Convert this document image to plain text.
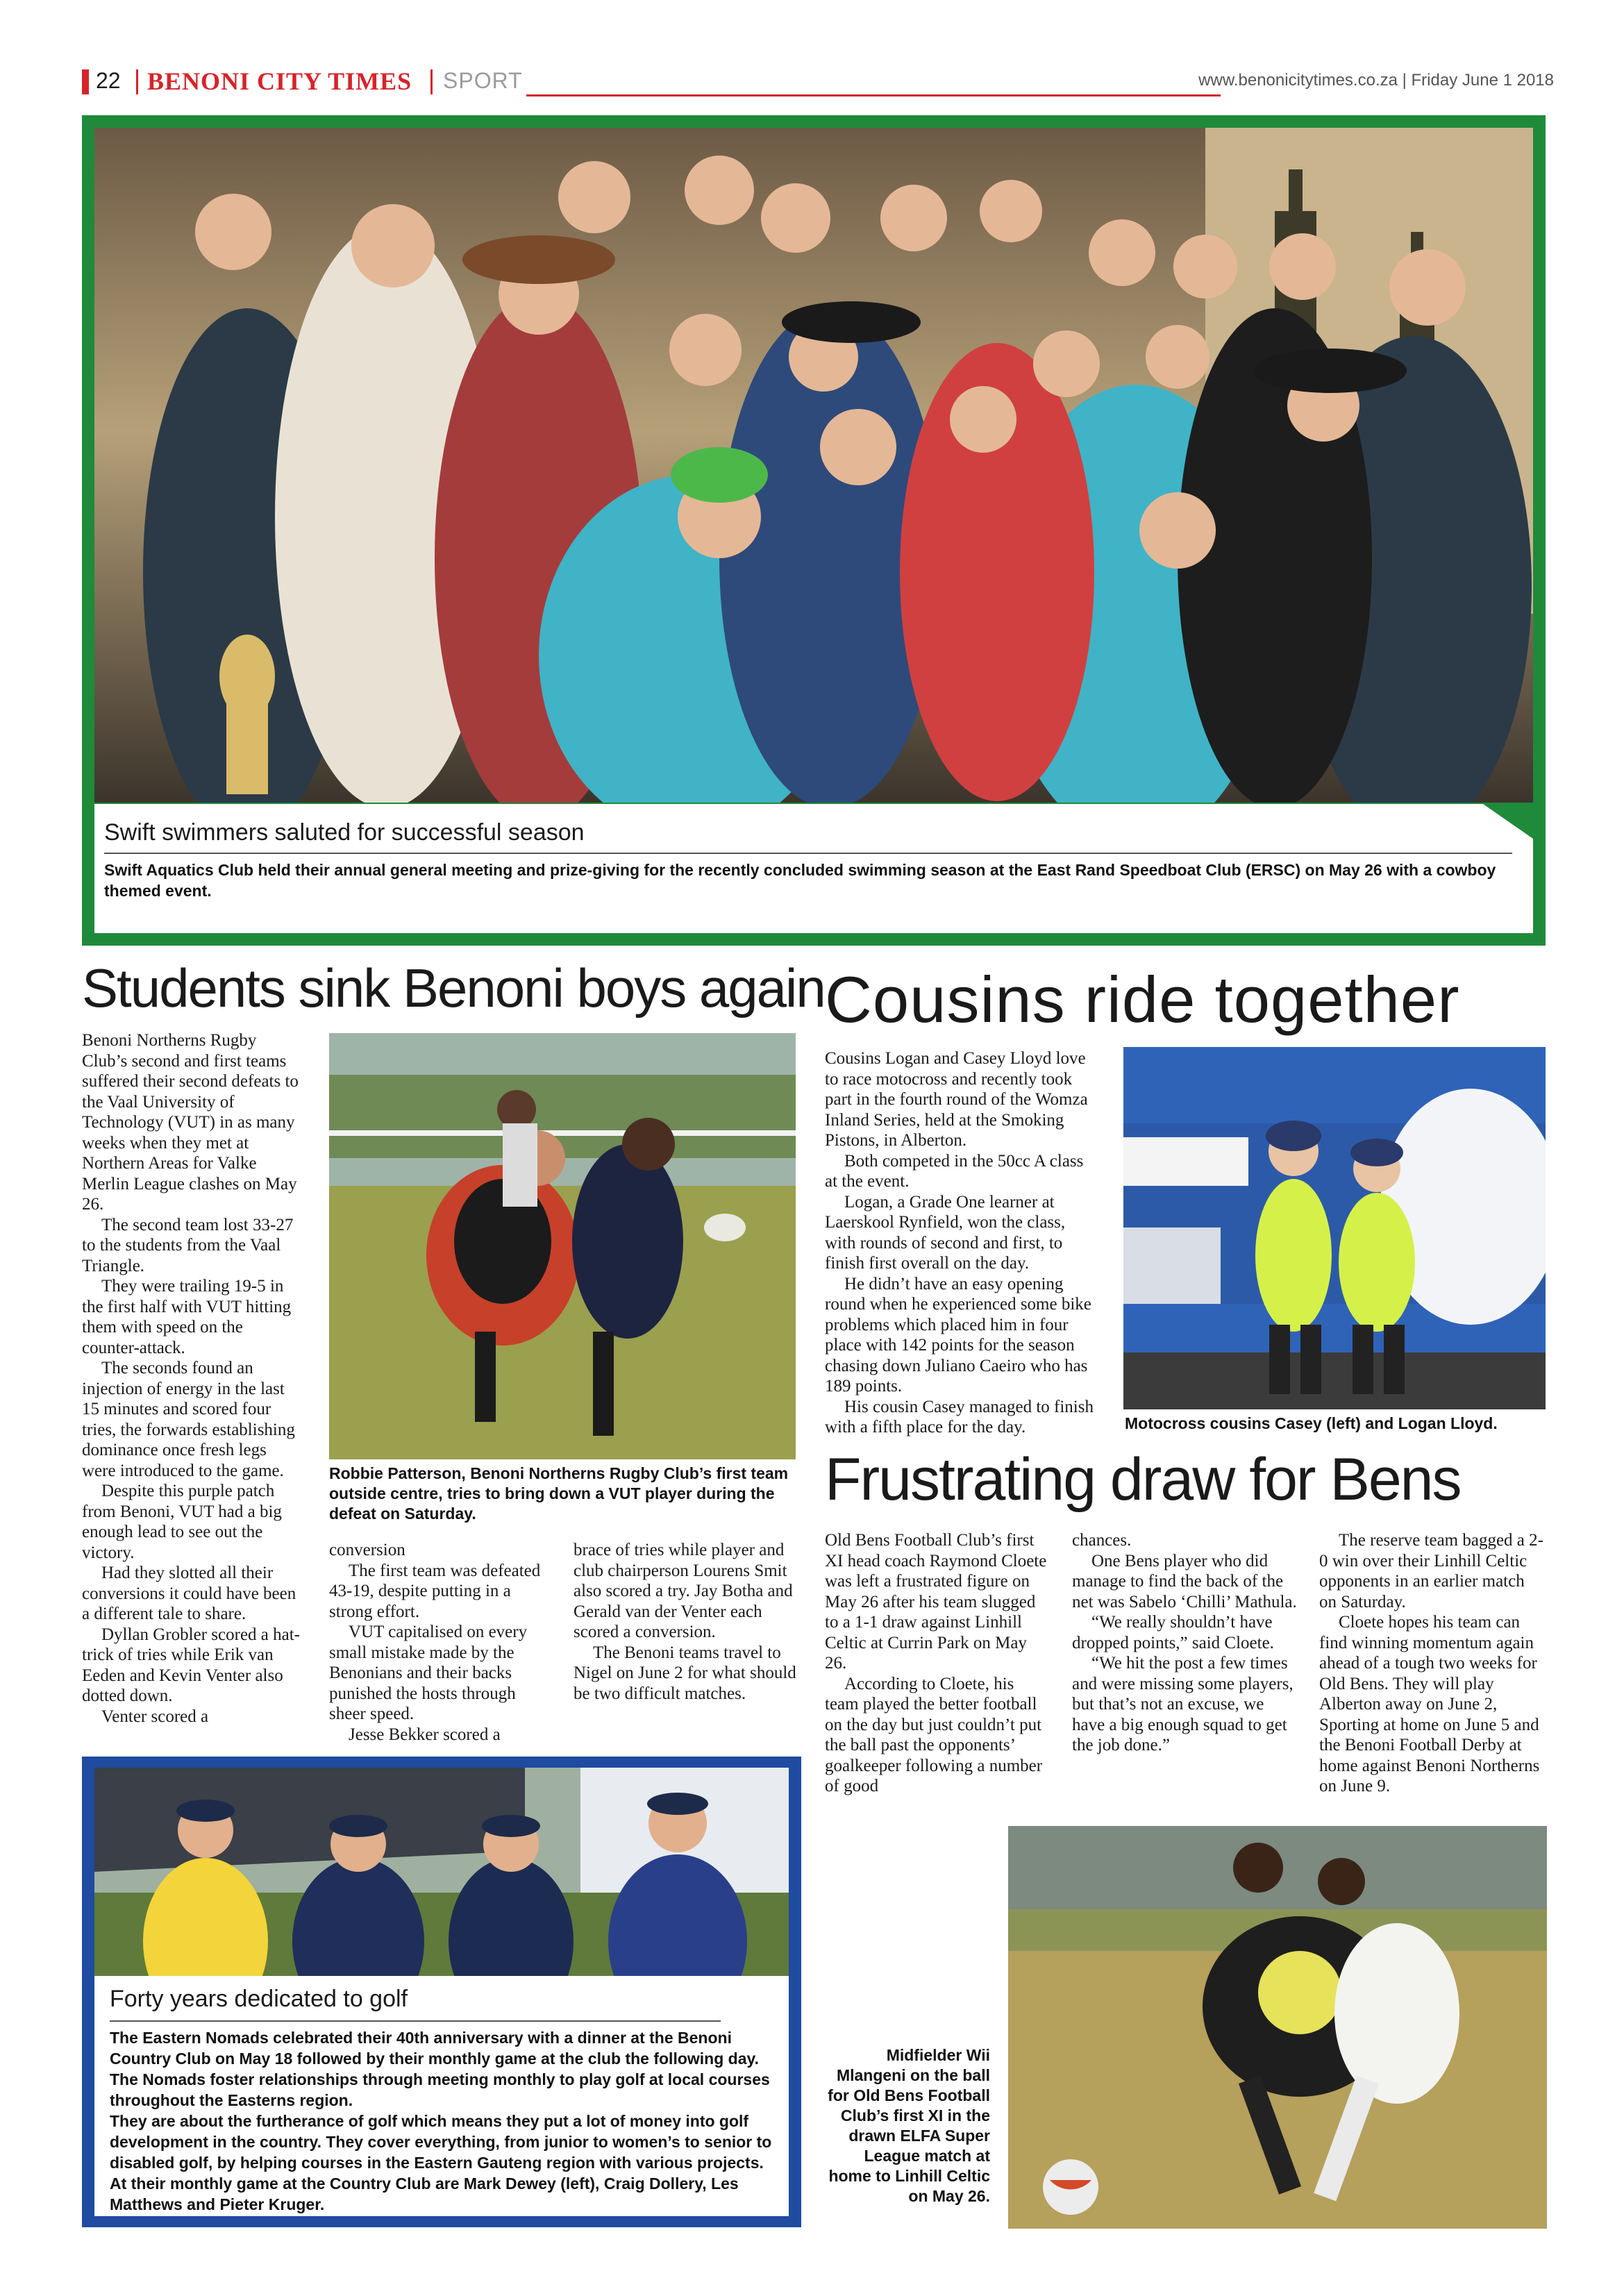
22 BENONI CITY TIMES SPORT	www.benonicitytimes.co.za | Friday June 1 2018
Swift swimmers saluted for successful season
Swift Aquatics Club held their annual general meeting and prize-giving for the recently concluded swimming season at the East Rand Speedboat Club (ERSC) on May 26 with a cowboy themed event.
Students sink Benoni boys again

Benoni Northerns Rugby Club’s second and first teams suffered their second defeats to the Vaal University of Technology (VUT) in as many weeks when they met at Northern Areas for Valke Merlin League clashes on May 26.

The second team lost 33-27 to the students from the Vaal Triangle.

They were trailing 19-5 in the first half with VUT hitting them with speed on the counter-attack.

The seconds found an injection of energy in the last 15 minutes and scored four tries, the forwards establishing dominance once fresh legs were introduced to the game.

Despite this purple patch from Benoni, VUT had a big enough lead to see out the victory.

Had they slotted all their conversions it could have been a different tale to share.

Dyllan Grobler scored a hat-trick of tries while Erik van Eeden and Kevin Venter also dotted down.

Venter scored a

Robbie Patterson, Benoni Northerns Rugby Club’s first team outside centre, tries to bring down a VUT player during the defeat on Saturday.

conversion

The first team was defeated 43-19, despite putting in a strong effort.

VUT capitalised on every small mistake made by the Benonians and their backs punished the hosts through sheer speed.

Jesse Bekker scored a

brace of tries while player and club chairperson Lourens Smit also scored a try. Jay Botha and Gerald van der Venter each scored a conversion.

The Benoni teams travel to Nigel on June 2 for what should be two difficult matches.

Cousins ride together

Cousins Logan and Casey Lloyd love to race motocross and recently took part in the fourth round of the Womza Inland Series, held at the Smoking Pistons, in Alberton.

Both competed in the 50cc A class at the event.

Logan, a Grade One learner at Laerskool Rynfield, won the class, with rounds of second and first, to finish first overall on the day.

He didn’t have an easy opening round when he experienced some bike problems which placed him in four place with 142 points for the season chasing down Juliano Caeiro who has 189 points.

His cousin Casey managed to finish with a fifth place for the day.	Motocross cousins Casey (left) and Logan Lloyd.
Frustrating draw for Bens

Old Bens Football Club’s first XI head coach Raymond Cloete was left a frustrated figure on May 26 after his team slugged to a 1-1 draw against Linhill Celtic at Currin Park on May 26.

According to Cloete, his team played the better football on the day but just couldn’t put the ball past the opponents’ goalkeeper following a number of good

chances.

One Bens player who did manage to find the back of the net was Sabelo ‘Chilli’ Mathula.

“We really shouldn’t have dropped points,” said Cloete.

“We hit the post a few times and were missing some players, but that’s not an excuse, we have a big enough squad to get the job done.”

The reserve team bagged a 2-0 win over their Linhill Celtic opponents in an earlier match on Saturday.

Cloete hopes his team can find winning momentum again ahead of a tough two weeks for Old Bens. They will play Alberton away on June 2, Sporting at home on June 5 and the Benoni Football Derby at home against Benoni Northerns on June 9.

Midfielder Wii Mlangeni on the ball for Old Bens Football Club’s first XI in the drawn ELFA Super League match at home to Linhill Celtic on May 26.
Forty years dedicated to golf
The Eastern Nomads celebrated their 40th anniversary with a dinner at the Benoni Country Club on May 18 followed by their monthly game at the club the following day. The Nomads foster relationships through meeting monthly to play golf at local courses throughout the Easterns region.
They are about the furtherance of golf which means they put a lot of money into golf development in the country. They cover everything, from junior to women’s to senior to disabled golf, by helping courses in the Eastern Gauteng region with various projects. At their monthly game at the Country Club are Mark Dewey (left), Craig Dollery, Les Matthews and Pieter Kruger.
